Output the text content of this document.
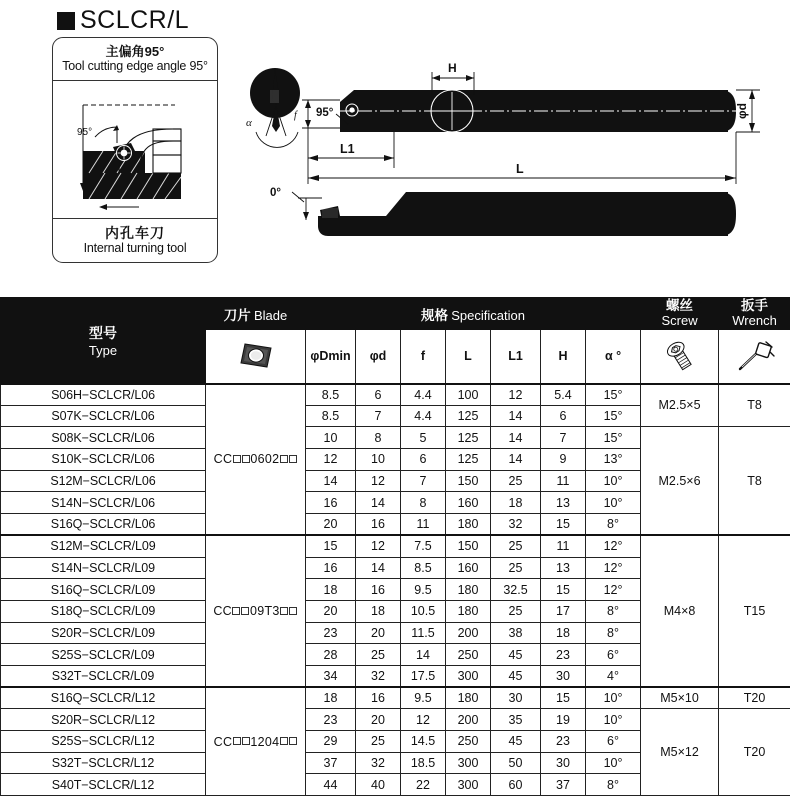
SCLCR/L
主偏角95°
Tool cutting edge angle 95°
95°
内孔车刀
Internal turning tool
α
°
H
f 95°
L1
L
φd
0°
型号
Type
	刀片 Blade	规格 Specification	
螺丝
Screw

扳手
Wrench

	φDmin	φd	f	L	L1	H	α °	

S06H−SCLCR/L06	CC 0602	8.5	6	4.4	100	12	5.4	15°	M2.5×5	T8
S07K−SCLCR/L06		8.5	7	4.4	125	14	6	15°		
S08K−SCLCR/L06		10	8	5	125	14	7	15°	M2.5×6	T8
S10K−SCLCR/L06		12	10	6	125	14	9	13°		
S12M−SCLCR/L06		14	12	7	150	25	11	10°		
S14N−SCLCR/L06		16	14	8	160	18	13	10°		
S16Q−SCLCR/L06		20	16	11	180	32	15	8°		
S12M−SCLCR/L09	CC 09T3	15	12	7.5	150	25	11	12°	M4×8	T15
S14N−SCLCR/L09		16	14	8.5	160	25	13	12°		
S16Q−SCLCR/L09		18	16	9.5	180	32.5	15	12°		
S18Q−SCLCR/L09		20	18	10.5	180	25	17	8°		
S20R−SCLCR/L09		23	20	11.5	200	38	18	8°		
S25S−SCLCR/L09		28	25	14	250	45	23	6°		
S32T−SCLCR/L09		34	32	17.5	300	45	30	4°		
S16Q−SCLCR/L12	CC 1204	18	16	9.5	180	30	15	10°	M5×10	T20
S20R−SCLCR/L12		23	20	12	200	35	19	10°	M5×12	T20
S25S−SCLCR/L12		29	25	14.5	250	45	23	6°		
S32T−SCLCR/L12		37	32	18.5	300	50	30	10°		
S40T−SCLCR/L12		44	40	22	300	60	37	8°		
